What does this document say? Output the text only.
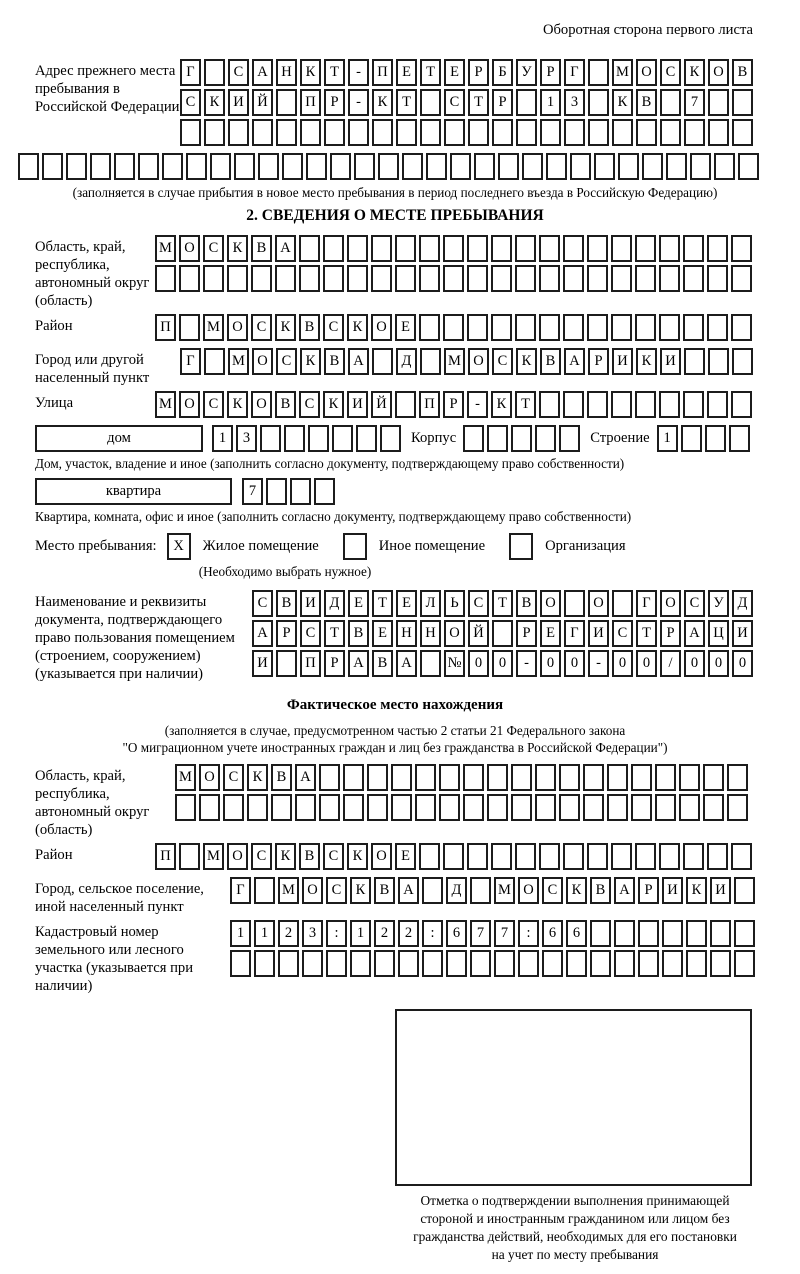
Оборотная сторона первого листа
Адрес прежнего места пребывания в Российской Федерации
Г	С А Н К Т - П Е Т Е Р Б У Р Г	М О С К О В
С К И Й	П Р - К Т	С Т Р	1 3	К В	7
(заполняется в случае прибытия в новое место пребывания в период последнего въезда в Российскую Федерацию)
2. СВЕДЕНИЯ О МЕСТЕ ПРЕБЫВАНИЯ
Область, край, республика, автономный округ (область)
М О С К В А
Район	П	М О С К В С К О Е
Город или другой населенный пункт
Г	М О С К В А	Д	М О С К В А Р И К И
Улица	М О С К О В С К И Й	П Р - К Т
дом	1 3	Корпус	Строение 1
Дом, участок, владение и иное (заполнить согласно документу, подтверждающему право собственности)
квартира	7
Квартира, комната, офис и иное (заполнить согласно документу, подтверждающему право собственности)
Место пребывания:	X	Жилое помещение	Иное помещение	Организация
(Необходимо выбрать нужное)
Наименование и реквизиты документа, подтверждающего право пользования помещением (строением, сооружением) (указывается при наличии)
С В И Д Е Т Е Л Ь С Т В О	О	Г О С У Д
А Р С Т В Е Н Н О Й	Р Е Г И С Т Р А Ц И
И	П Р А В А № 0 0 - 0 0 - 0 0 / 0 0 0
Фактическое место нахождения
(заполняется в случае, предусмотренном частью 2 статьи 21 Федерального закона
"О миграционном учете иностранных граждан и лиц без гражданства в Российской Федерации")
Область, край, республика, автономный округ (область)
М О С К В А
Район	П	М О С К В С К О Е
Город, сельское поселение, иной населенный пункт
Г	М О С К В А	Д	М О С К В А Р И К И
Кадастровый номер земельного или лесного участка (указывается при наличии)
1 1 2 3 : 1 2 2 : 6 7 7 : 6 6
Отметка о подтверждении выполнения принимающей стороной и иностранным гражданином или лицом без гражданства действий, необходимых для его постановки на учет по месту пребывания
